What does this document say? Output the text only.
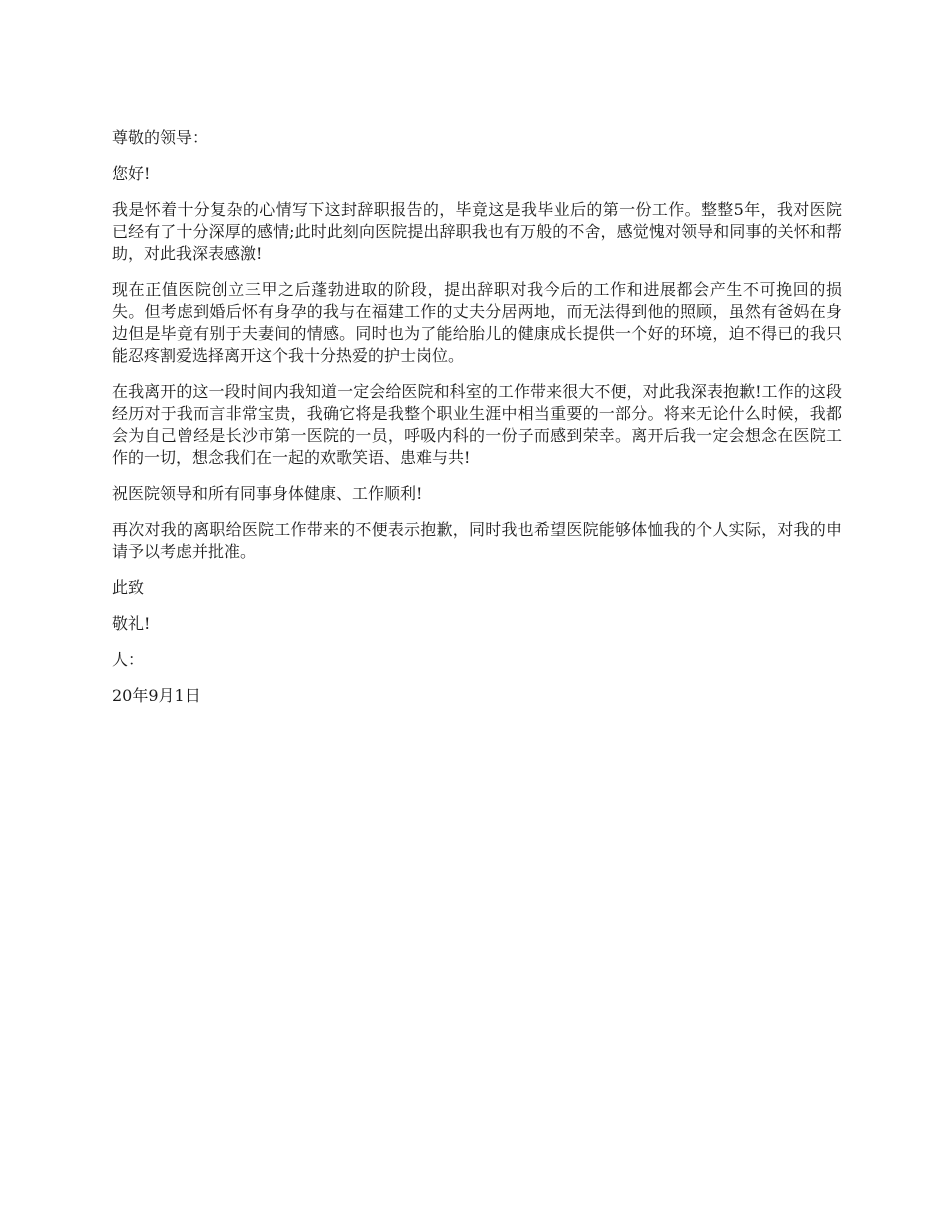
尊敬的领导：

您好!

我是怀着十分复杂的心情写下这封辞职报告的，毕竟这是我毕业后的第一份工作。整整5年，我对医院已经有了十分深厚的感情;此时此刻向医院提出辞职我也有万般的不舍，感觉愧对领导和同事的关怀和帮助，对此我深表感激!

现在正值医院创立三甲之后蓬勃进取的阶段，提出辞职对我今后的工作和进展都会产生不可挽回的损失。但考虑到婚后怀有身孕的我与在福建工作的丈夫分居两地，而无法得到他的照顾，虽然有爸妈在身边但是毕竟有别于夫妻间的情感。同时也为了能给胎儿的健康成长提供一个好的环境，迫不得已的我只能忍疼割爱选择离开这个我十分热爱的护士岗位。

在我离开的这一段时间内我知道一定会给医院和科室的工作带来很大不便，对此我深表抱歉!工作的这段经历对于我而言非常宝贵，我确它将是我整个职业生涯中相当重要的一部分。将来无论什么时候，我都会为自己曾经是长沙市第一医院的一员，呼吸内科的一份子而感到荣幸。离开后我一定会想念在医院工作的一切，想念我们在一起的欢歌笑语、患难与共!

祝医院领导和所有同事身体健康、工作顺利!

再次对我的离职给医院工作带来的不便表示抱歉，同时我也希望医院能够体恤我的个人实际，对我的申请予以考虑并批准。

此致

敬礼!

人：

20年9月1日
